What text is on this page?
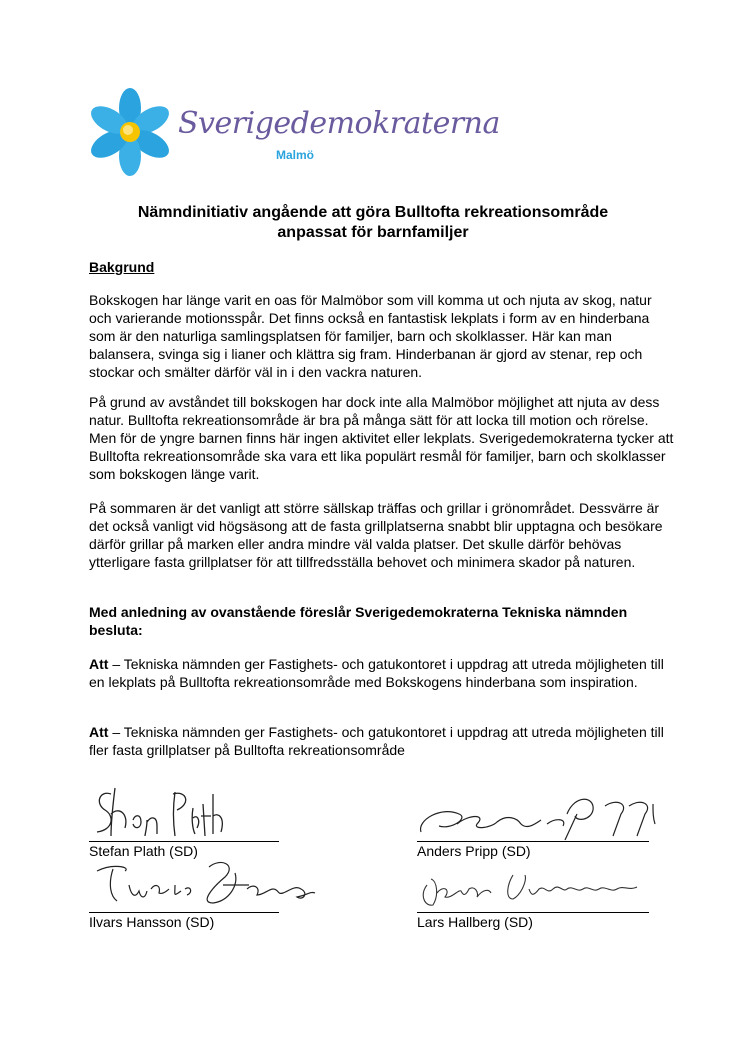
Sverigedemokraterna
Malmö
Nämndinitiativ angående att göra Bulltofta rekreationsområde
anpassat för barnfamiljer
Bakgrund

Bokskogen har länge varit en oas för Malmöbor som vill komma ut och njuta av skog, natur och varierande motionsspår. Det finns också en fantastisk lekplats i form av en hinderbana som är den naturliga samlingsplatsen för familjer, barn och skolklasser. Här kan man balansera, svinga sig i lianer och klättra sig fram. Hinderbanan är gjord av stenar, rep och stockar och smälter därför väl in i den vackra naturen.

På grund av avståndet till bokskogen har dock inte alla Malmöbor möjlighet att njuta av dess natur. Bulltofta rekreationsområde är bra på många sätt för att locka till motion och rörelse. Men för de yngre barnen finns här ingen aktivitet eller lekplats. Sverigedemokraterna tycker att Bulltofta rekreationsområde ska vara ett lika populärt resmål för familjer, barn och skolklasser som bokskogen länge varit.

På sommaren är det vanligt att större sällskap träffas och grillar i grönområdet. Dessvärre är det också vanligt vid högsäsong att de fasta grillplatserna snabbt blir upptagna och besökare därför grillar på marken eller andra mindre väl valda platser. Det skulle därför behövas ytterligare fasta grillplatser för att tillfredsställa behovet och minimera skador på naturen.

Med anledning av ovanstående föreslår Sverigedemokraterna Tekniska nämnden besluta:

Att – Tekniska nämnden ger Fastighets- och gatukontoret i uppdrag att utreda möjligheten till en lekplats på Bulltofta rekreationsområde med Bokskogens hinderbana som inspiration.

Att – Tekniska nämnden ger Fastighets- och gatukontoret i uppdrag att utreda möjligheten till fler fasta grillplatser på Bulltofta rekreationsområde

Stefan Plath (SD)	Anders Pripp (SD)
Ilvars Hansson (SD)	Lars Hallberg (SD)
